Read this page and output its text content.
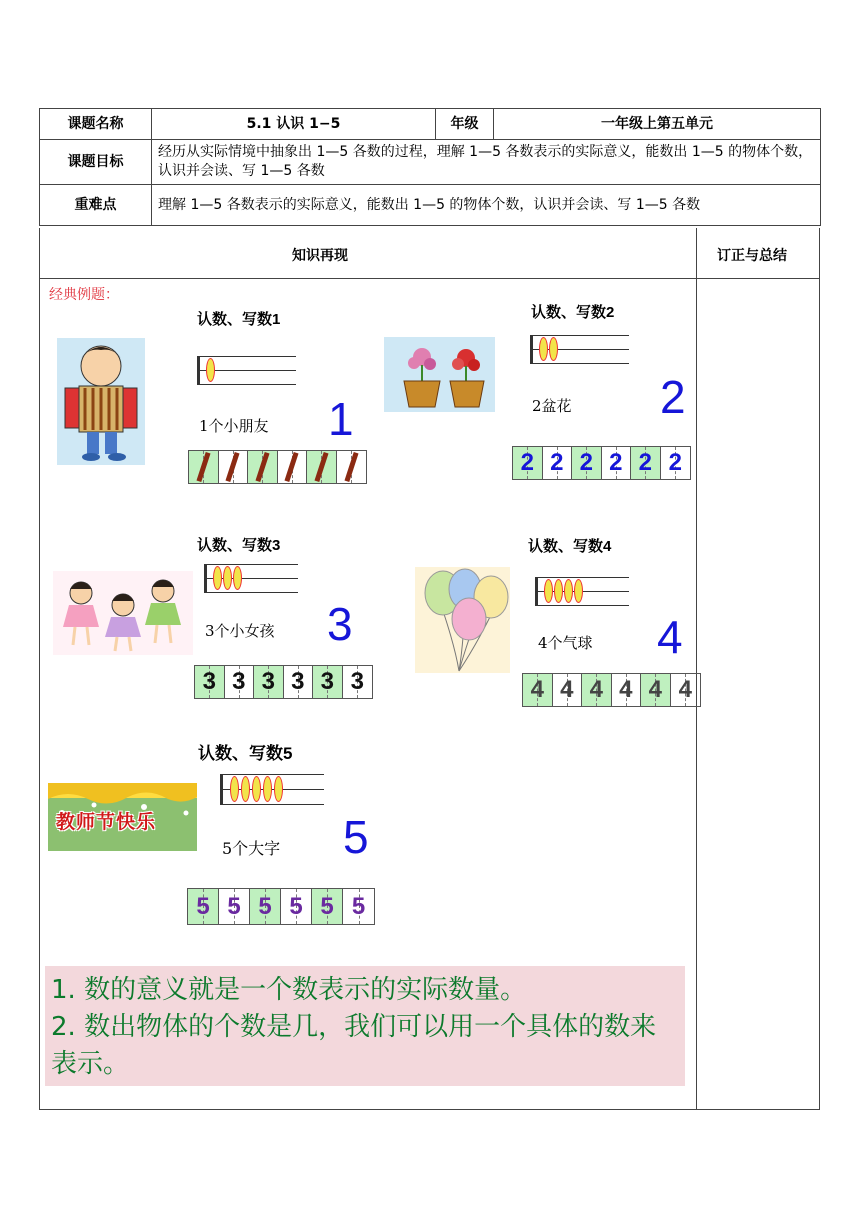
课题名称	5.1 认识 1−5	年级	一年级上第五单元
课题目标	经历从实际情境中抽象出 1—5 各数的过程，理解 1—5 各数表示的实际意义，能数出 1—5 的物体个数，认识并会读、写 1—5 各数		
重难点	理解 1—5 各数表示的实际意义，能数出 1—5 的物体个数，认识并会读、写 1—5 各数		
知识再现	订正与总结
经典例题：
认数、写数1
1个小朋友 1
认数、写数2
2盆花 2
2 2 2 2 2 2
认数、写数3
3个小女孩 3
3 3 3 3 3 3
认数、写数4
4个气球 4
4 4 4 4 4 4
教师节快乐
认数、写数5
5个大字 5
5 5 5 5 5 5
1. 数的意义就是一个数表示的实际数量。
2. 数出物体的个数是几，我们可以用一个具体的数来表示。
